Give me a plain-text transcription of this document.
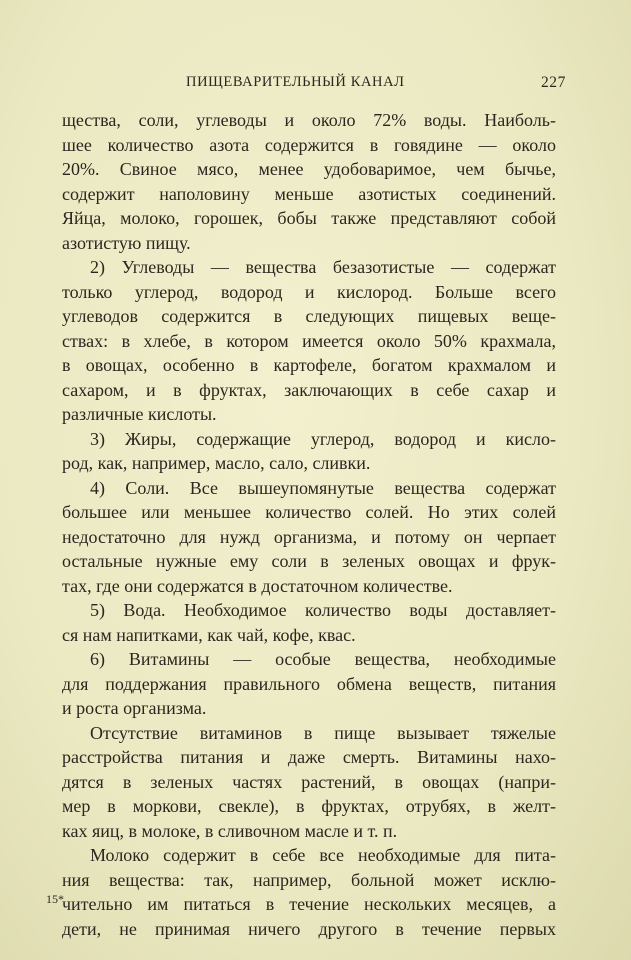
ПИЩЕВАРИТЕЛЬНЫЙ КАНАЛ	227
щества, соли, углеводы и около 72% воды. Наиболь-
шее количество азота содержится в говядине — около
20%. Свиное мясо, менее удобоваримое, чем бычье,
содержит наполовину меньше азотистых соединений.
Яйца, молоко, горошек, бобы также представляют собой
азотистую пищу.
2) Углеводы — вещества безазотистые — содержат
только углерод, водород и кислород. Больше всего
углеводов содержится в следующих пищевых веще-
ствах: в хлебе, в котором имеется около 50% крахмала,
в овощах, особенно в картофеле, богатом крахмалом и
сахаром, и в фруктах, заключающих в себе сахар и
различные кислоты.
3) Жиры, содержащие углерод, водород и кисло-
род, как, например, масло, сало, сливки.
4) Соли. Все вышеупомянутые вещества содержат
большее или меньшее количество солей. Но этих солей
недостаточно для нужд организма, и потому он черпает
остальные нужные ему соли в зеленых овощах и фрук-
тах, где они содержатся в достаточном количестве.
5) Вода. Необходимое количество воды доставляет-
ся нам напитками, как чай, кофе, квас.
6) Витамины — особые вещества, необходимые
для поддержания правильного обмена веществ, питания
и роста организма.
Отсутствие витаминов в пище вызывает тяжелые
расстройства питания и даже смерть. Витамины нахо-
дятся в зеленых частях растений, в овощах (напри-
мер в моркови, свекле), в фруктах, отрубях, в желт-
ках яиц, в молоке, в сливочном масле и т. п.
Молоко содержит в себе все необходимые для пита-
ния вещества: так, например, больной может исклю-
чительно им питаться в течение нескольких месяцев, а
дети, не принимая ничего другого в течение первых
15*
